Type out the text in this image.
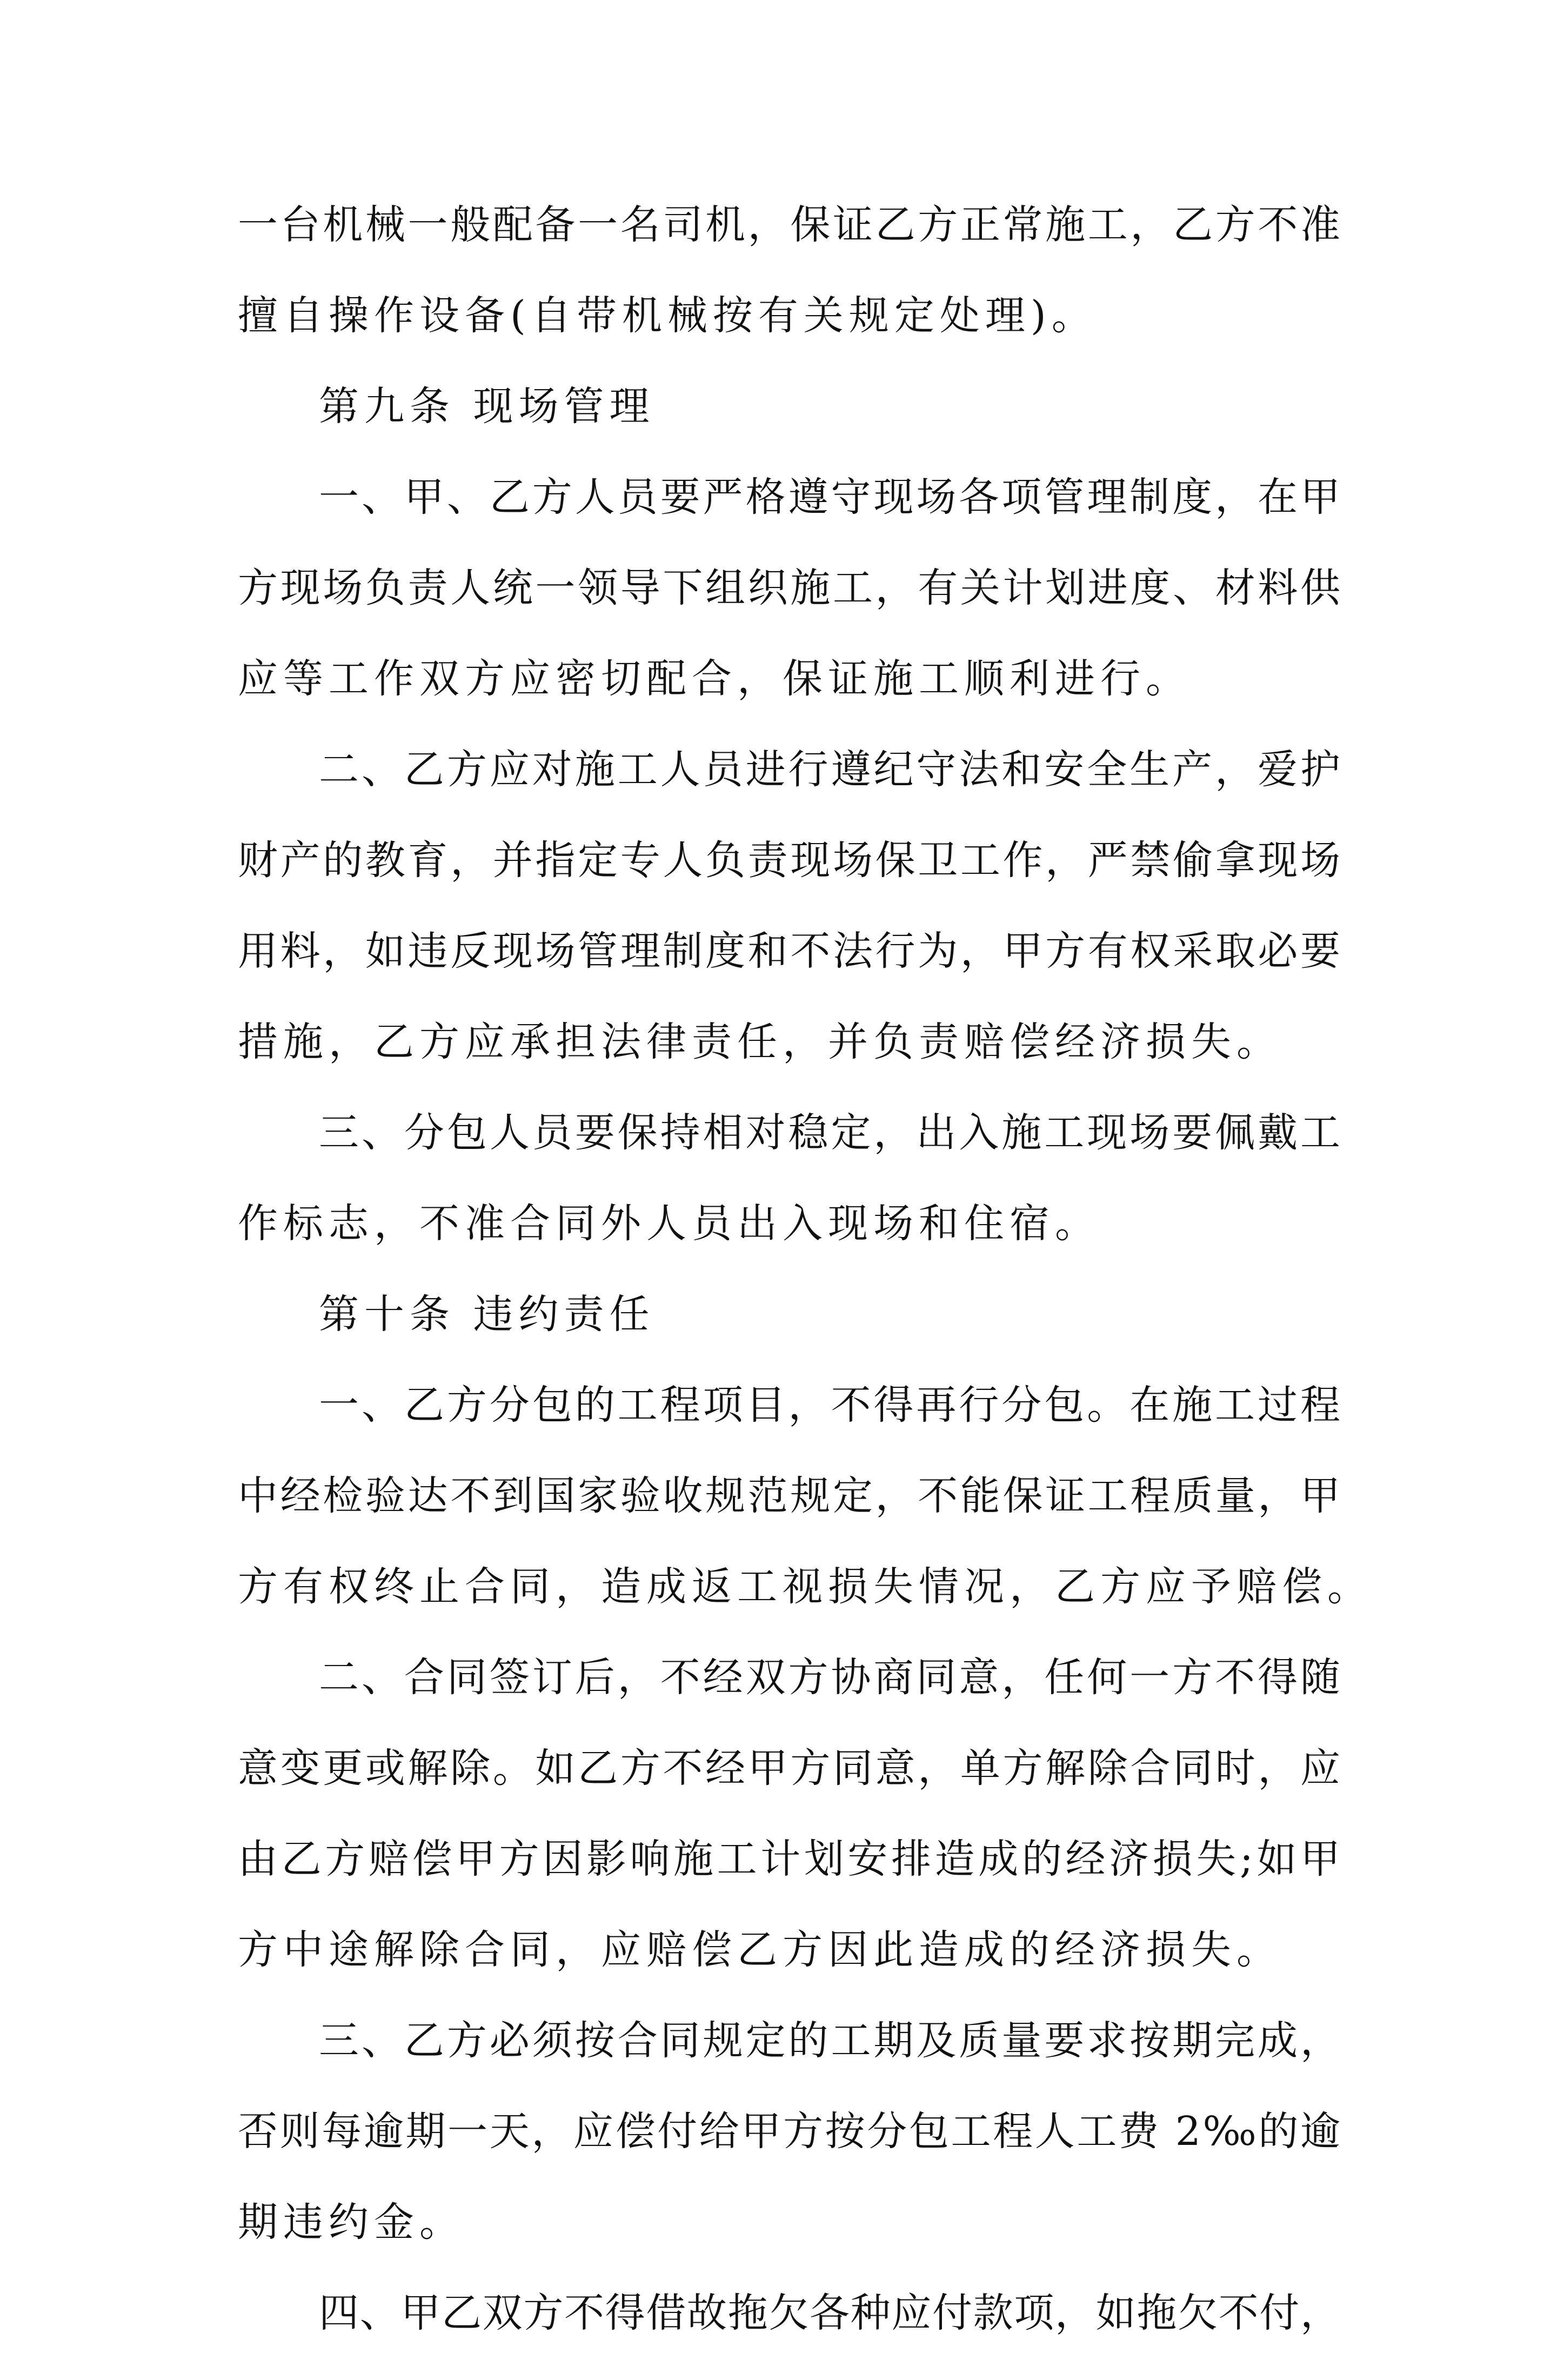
一台机械一般配备一名司机，保证乙方正常施工，乙方不准
擅自操作设备(自带机械按有关规定处理)。
第九条 现场管理
一、甲、乙方人员要严格遵守现场各项管理制度，在甲
方现场负责人统一领导下组织施工，有关计划进度、材料供
应等工作双方应密切配合，保证施工顺利进行。
二、乙方应对施工人员进行遵纪守法和安全生产，爱护
财产的教育，并指定专人负责现场保卫工作，严禁偷拿现场
用料，如违反现场管理制度和不法行为，甲方有权采取必要
措施，乙方应承担法律责任，并负责赔偿经济损失。
三、分包人员要保持相对稳定，出入施工现场要佩戴工
作标志，不准合同外人员出入现场和住宿。
第十条 违约责任
一、乙方分包的工程项目，不得再行分包。在施工过程
中经检验达不到国家验收规范规定，不能保证工程质量，甲
方有权终止合同，造成返工视损失情况，乙方应予赔偿。
二、合同签订后，不经双方协商同意，任何一方不得随
意变更或解除。如乙方不经甲方同意，单方解除合同时，应
由乙方赔偿甲方因影响施工计划安排造成的经济损失;如甲
方中途解除合同，应赔偿乙方因此造成的经济损失。
三、乙方必须按合同规定的工期及质量要求按期完成，
否则每逾期一天，应偿付给甲方按分包工程人工费 2‰的逾
期违约金。
四、甲乙双方不得借故拖欠各种应付款项，如拖欠不付，
